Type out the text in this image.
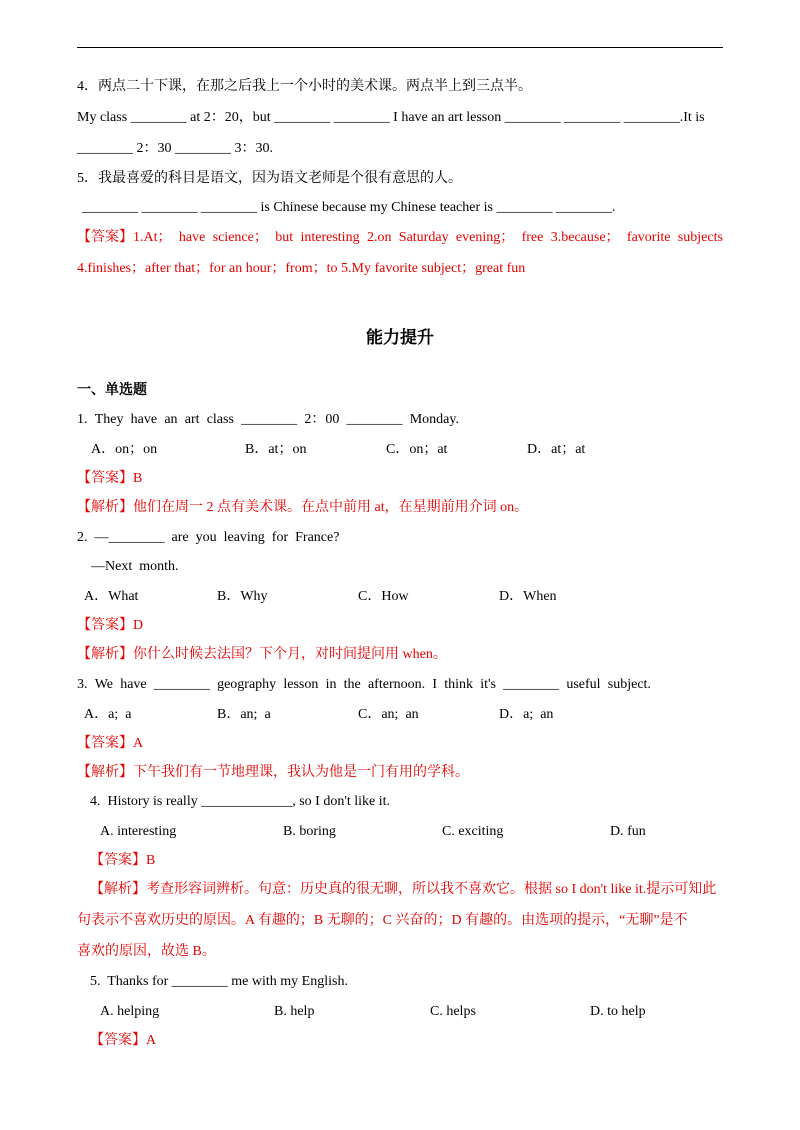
4．两点二十下课，在那之后我上一个小时的美术课。两点半上到三点半。
My class ________ at 2：20，but ________ ________ I have an art lesson ________ ________ ________.It is
________ 2：30 ________ 3：30.
5．我最喜爱的科目是语文，因为语文老师是个很有意思的人。
________ ________ ________ is Chinese because my Chinese teacher is ________ ________.
【答案】1.At； have science； but interesting 2.on Saturday evening； free 3.because； favorite subjects
4.finishes；after that；for an hour；from；to 5.My favorite subject；great fun
能力提升
一、单选题
1. They have an art class ________ 2：00 ________ Monday.
A．on；on	B．at；on	C．on；at	D．at；at
【答案】B
【解析】他们在周一 2 点有美术课。在点中前用 at，在星期前用介词 on。
2.  —________  are  you  leaving  for  France?
—Next  month.
A．What	B．Why	C．How	D．When
【答案】D
【解析】你什么时候去法国？下个月，对时间提问用 when。
3. We have ________ geography lesson in the afternoon. I think it's ________ useful subject.
A．a;  a	B．an;  a	C．an;  an	D．a;  an
【答案】A
【解析】下午我们有一节地理课，我认为他是一门有用的学科。
4.  History is really _____________, so I don't like it.
A. interesting	B. boring	C. exciting	D. fun
【答案】B
【解析】考查形容词辨析。句意：历史真的很无聊，所以我不喜欢它。根据 so I don't like it.提示可知此
句表示不喜欢历史的原因。A 有趣的；B 无聊的；C 兴奋的；D 有趣的。由选项的提示，“无聊”是不
喜欢的原因，故选 B。
5.  Thanks for ________ me with my English.
A. helping	B. help	C. helps	D. to help
【答案】A
